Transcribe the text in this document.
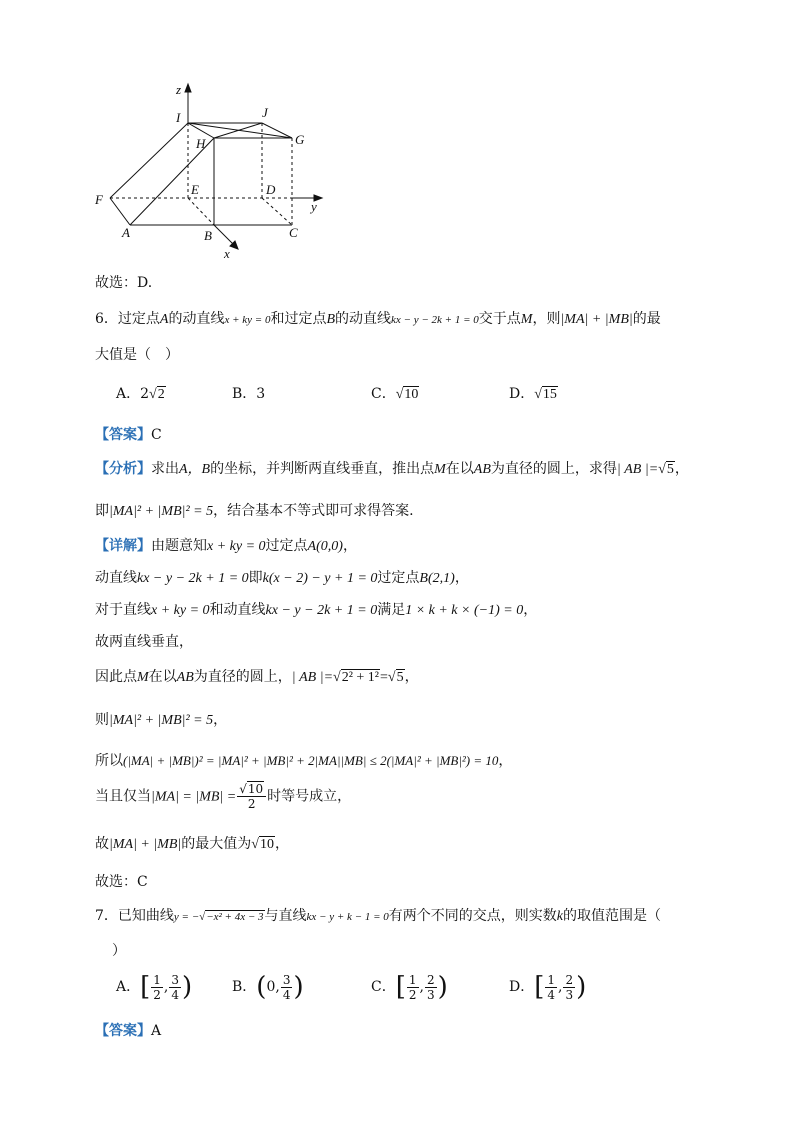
z
y
x
I	J
H	G
F
E	D
A	B	C
故选：D.
6．过定点A的动直线x + ky = 0和过定点B的动直线kx − y − 2k + 1 = 0交于点M，则|MA| + |MB|的最
大值是（　）
A．2√2	B．3	C．√10	D．√15
【答案】C
【分析】求出A，B的坐标，并判断两直线垂直，推出点M在以AB为直径的圆上，求得| AB |=√5，
即|MA|² + |MB|² = 5，结合基本不等式即可求得答案.
【详解】由题意知x + ky = 0过定点A(0,0)，
动直线kx − y − 2k + 1 = 0即k(x − 2) − y + 1 = 0过定点B(2,1)，
对于直线x + ky = 0和动直线kx − y − 2k + 1 = 0满足1 × k + k × (−1) = 0，
故两直线垂直，
因此点M在以AB为直径的圆上，| AB |=√2² + 1²=√5，
则|MA|² + |MB|² = 5，
所以(|MA| + |MB|)² = |MA|² + |MB|² + 2|MA||MB| ≤ 2(|MA|² + |MB|²) = 10，
当且仅当$|MA| = |MB| = \frac{√10}{2}$ 时等号成立，
故|MA| + |MB|的最大值为√10，
故选：C
7．已知曲线y = −√−x² + 4x − 3与直线kx − y + k − 1 = 0有两个不同的交点，则实数k的取值范围是（
）
A．[ $\frac{1}{2}$ , $\frac{3}{4}$ )	B．(0, $\frac{3}{4}$ )	C．[ $\frac{1}{2}$ , $\frac{2}{3}$ )	D．[ $\frac{1}{4}$ , $\frac{2}{3}$ )
【答案】A
